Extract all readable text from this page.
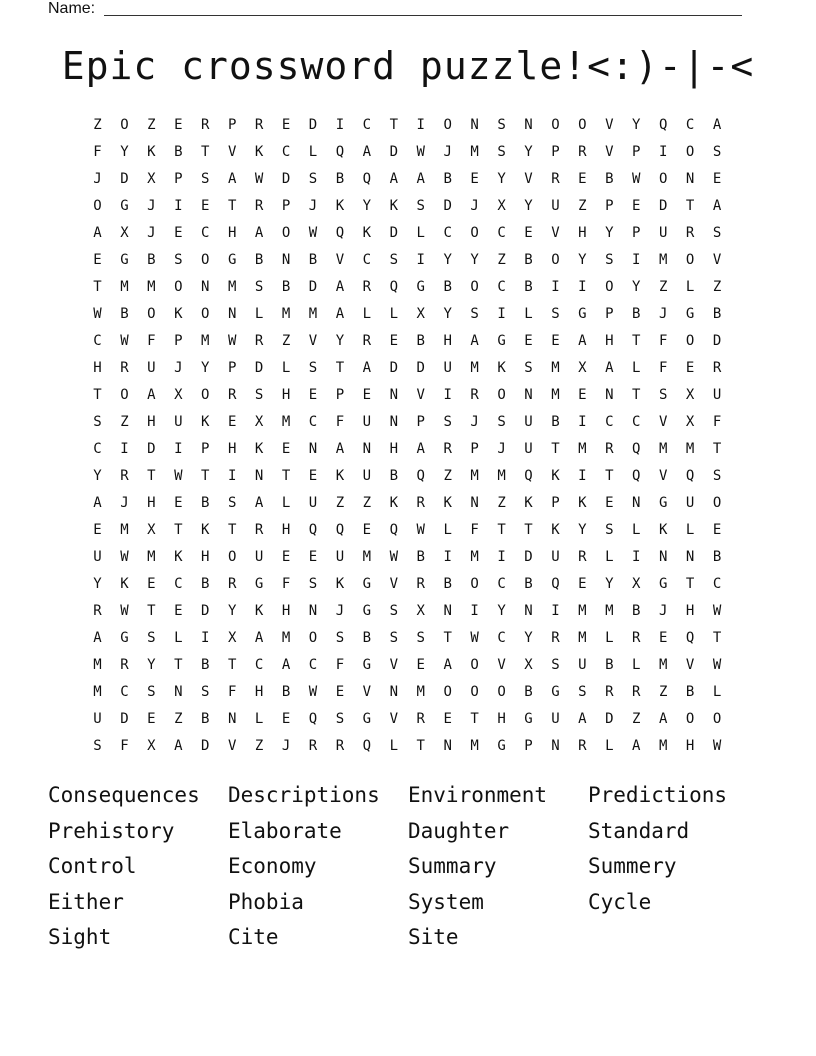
Name:
Epic crossword puzzle!<:)-|-<
Z	O	Z	E	R	P	R	E	D	I	C	T	I	O	N	S	N	O	O	V	Y	Q	C	A
F	Y	K	B	T	V	K	C	L	Q	A	D	W	J	M	S	Y	P	R	V	P	I	O	S
J	D	X	P	S	A	W	D	S	B	Q	A	A	B	E	Y	V	R	E	B	W	O	N	E
O	G	J	I	E	T	R	P	J	K	Y	K	S	D	J	X	Y	U	Z	P	E	D	T	A
A	X	J	E	C	H	A	O	W	Q	K	D	L	C	O	C	E	V	H	Y	P	U	R	S
E	G	B	S	O	G	B	N	B	V	C	S	I	Y	Y	Z	B	O	Y	S	I	M	O	V
T	M	M	O	N	M	S	B	D	A	R	Q	G	B	O	C	B	I	I	O	Y	Z	L	Z
W	B	O	K	O	N	L	M	M	A	L	L	X	Y	S	I	L	S	G	P	B	J	G	B
C	W	F	P	M	W	R	Z	V	Y	R	E	B	H	A	G	E	E	A	H	T	F	O	D
H	R	U	J	Y	P	D	L	S	T	A	D	D	U	M	K	S	M	X	A	L	F	E	R
T	O	A	X	O	R	S	H	E	P	E	N	V	I	R	O	N	M	E	N	T	S	X	U
S	Z	H	U	K	E	X	M	C	F	U	N	P	S	J	S	U	B	I	C	C	V	X	F
C	I	D	I	P	H	K	E	N	A	N	H	A	R	P	J	U	T	M	R	Q	M	M	T
Y	R	T	W	T	I	N	T	E	K	U	B	Q	Z	M	M	Q	K	I	T	Q	V	Q	S
A	J	H	E	B	S	A	L	U	Z	Z	K	R	K	N	Z	K	P	K	E	N	G	U	O
E	M	X	T	K	T	R	H	Q	Q	E	Q	W	L	F	T	T	K	Y	S	L	K	L	E
U	W	M	K	H	O	U	E	E	U	M	W	B	I	M	I	D	U	R	L	I	N	N	B
Y	K	E	C	B	R	G	F	S	K	G	V	R	B	O	C	B	Q	E	Y	X	G	T	C
R	W	T	E	D	Y	K	H	N	J	G	S	X	N	I	Y	N	I	M	M	B	J	H	W
A	G	S	L	I	X	A	M	O	S	B	S	S	T	W	C	Y	R	M	L	R	E	Q	T
M	R	Y	T	B	T	C	A	C	F	G	V	E	A	O	V	X	S	U	B	L	M	V	W
M	C	S	N	S	F	H	B	W	E	V	N	M	O	O	O	B	G	S	R	R	Z	B	L
U	D	E	Z	B	N	L	E	Q	S	G	V	R	E	T	H	G	U	A	D	Z	A	O	O
S	F	X	A	D	V	Z	J	R	R	Q	L	T	N	M	G	P	N	R	L	A	M	H	W
Consequences	Descriptions	Environment	Predictions
Prehistory	Elaborate	Daughter	Standard
Control	Economy	Summary	Summery
Either	Phobia	System	Cycle
Sight	Cite	Site
